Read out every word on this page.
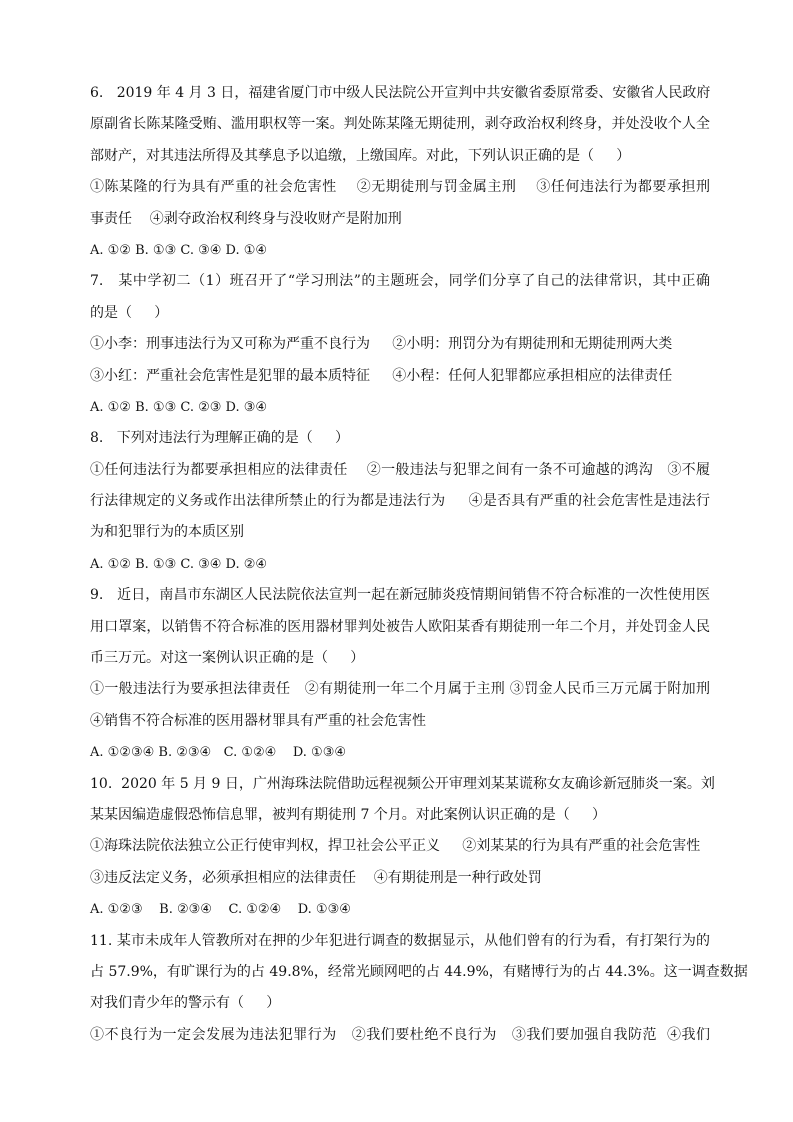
6.   2019 年 4 月 3 日，福建省厦门市中级人民法院公开宣判中共安徽省委原常委、安徽省人民政府
原副省长陈某隆受贿、滥用职权等一案。判处陈某隆无期徒刑，剥夺政治权利终身，并处没收个人全
部财产，对其违法所得及其孳息予以追缴，上缴国库。对此，下列认识正确的是（     ）
①陈某隆的行为具有严重的社会危害性    ②无期徒刑与罚金属主刑    ③任何违法行为都要承担刑
事责任    ④剥夺政治权利终身与没收财产是附加刑
A. ①② B. ①③ C. ③④ D. ①④
7.   某中学初二（1）班召开了“学习刑法”的主题班会，同学们分享了自己的法律常识，其中正确
的是（     ）
①小李：刑事违法行为又可称为严重不良行为     ②小明：刑罚分为有期徒刑和无期徒刑两大类
③小红：严重社会危害性是犯罪的最本质特征     ④小程：任何人犯罪都应承担相应的法律责任
A. ①② B. ①③ C. ②③ D. ③④
8.   下列对违法行为理解正确的是（     ）
①任何违法行为都要承担相应的法律责任    ②一般违法与犯罪之间有一条不可逾越的鸿沟   ③不履
行法律规定的义务或作出法律所禁止的行为都是违法行为     ④是否具有严重的社会危害性是违法行
为和犯罪行为的本质区别
A. ①② B. ①③ C. ③④ D. ②④
9.   近日，南昌市东湖区人民法院依法宣判一起在新冠肺炎疫情期间销售不符合标准的一次性使用医
用口罩案，以销售不符合标准的医用器材罪判处被告人欧阳某香有期徒刑一年二个月，并处罚金人民
币三万元。对这一案例认识正确的是（     ）
①一般违法行为要承担法律责任   ②有期徒刑一年二个月属于主刑 ③罚金人民币三万元属于附加刑
④销售不符合标准的医用器材罪具有严重的社会危害性
A. ①②③④ B. ②③④   C. ①②④    D. ①③④
10.  2020 年 5 月 9 日，广州海珠法院借助远程视频公开审理刘某某谎称女友确诊新冠肺炎一案。刘
某某因编造虚假恐怖信息罪，被判有期徒刑 7 个月。对此案例认识正确的是（     ）
①海珠法院依法独立公正行使审判权，捍卫社会公平正义     ②刘某某的行为具有严重的社会危害性
③违反法定义务，必须承担相应的法律责任    ④有期徒刑是一种行政处罚
A. ①②③    B. ②③④    C. ①②④    D. ①③④
11. 某市未成年人管教所对在押的少年犯进行调查的数据显示，从他们曾有的行为看，有打架行为的
占 57.9%，有旷课行为的占 49.8%，经常光顾网吧的占 44.9%，有赌博行为的占 44.3%。这一调查数据
对我们青少年的警示有（     ）
①不良行为一定会发展为违法犯罪行为   ②我们要杜绝不良行为   ③我们要加强自我防范  ④我们
